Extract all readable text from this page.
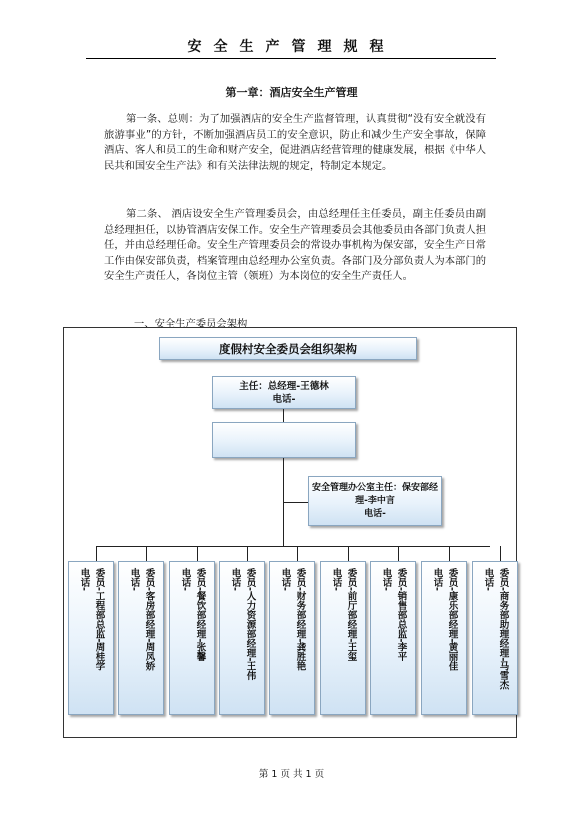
安全生产管理规程
第一章：酒店安全生产管理

第一条、总则：为了加强酒店的安全生产监督管理，认真贯彻“没有安全就没有旅游事业”的方针，不断加强酒店员工的安全意识，防止和减少生产安全事故，保障酒店、客人和员工的生命和财产安全，促进酒店经营管理的健康发展，根据《中华人民共和国安全生产法》和有关法律法规的规定，特制定本规定。

第二条、 酒店设安全生产管理委员会，由总经理任主任委员，副主任委员由副总经理担任，以协管酒店安保工作。安全生产管理委员会其他委员由各部门负责人担任，并由总经理任命。安全生产管理委员会的常设办事机构为保安部，安全生产日常工作由保安部负责，档案管理由总经理办公室负责。各部门及分部负责人为本部门的安全生产责任人，各岗位主管（领班）为本岗位的安全生产责任人。

一、安全生产委员会架构
度假村安全委员会组织架构
主任：总经理-王德林
电话-
安全管理办公室主任：保安部经
理-李中言
电话-
委员-工程部总监-周桂学
电话-	委员-客房部经理-周凤娇
电话-	委员-餐饮部经理-张馨
电话-	委员-人力资源部经理-王伟
电话-	委员-财务部经理-龚胜艳
电话-	委员-前厅部经理-王玺
电话-	委员-销售部总监-李平
电话-	委员-康乐部经理-黄丽佳
电话-	委员-商务部助理经理-马雪杰
电话-
第 1 页 共 1 页
